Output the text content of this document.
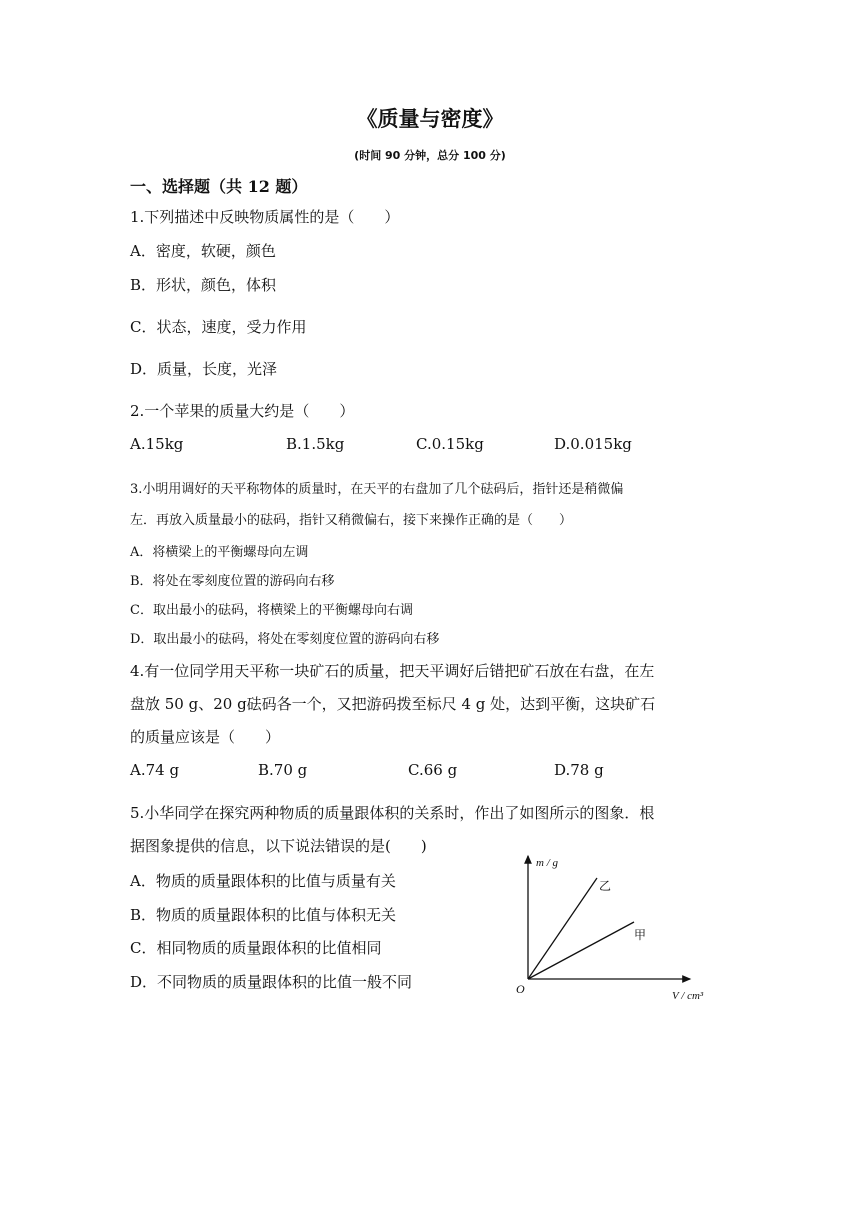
《质量与密度》
(时间 90 分钟，总分 100 分)
一、选择题（共 12 题）
1.下列描述中反映物质属性的是（　　）
A．密度，软硬，颜色
B．形状，颜色，体积
C．状态，速度，受力作用
D．质量，长度，光泽
2.一个苹果的质量大约是（　　）
A.15kg	B.1.5kg	C.0.15kg	D.0.015kg
3.小明用调好的天平称物体的质量时，在天平的右盘加了几个砝码后，指针还是稍微偏
左．再放入质量最小的砝码，指针又稍微偏右，接下来操作正确的是（　　）
A．将横梁上的平衡螺母向左调
B．将处在零刻度位置的游码向右移
C．取出最小的砝码，将横梁上的平衡螺母向右调
D．取出最小的砝码，将处在零刻度位置的游码向右移
4.有一位同学用天平称一块矿石的质量，把天平调好后错把矿石放在右盘，在左
盘放 50 g、20 g砝码各一个，又把游码拨至标尺 4 g 处，达到平衡，这块矿石
的质量应该是（　　）
A.74 g	B.70 g	C.66 g	D.78 g
5.小华同学在探究两种物质的质量跟体积的关系时，作出了如图所示的图象．根
据图象提供的信息，以下说法错误的是(　　)
A．物质的质量跟体积的比值与质量有关
B．物质的质量跟体积的比值与体积无关
C．相同物质的质量跟体积的比值相同
D．不同物质的质量跟体积的比值一般不同
m / g
V / cm³
O
乙
甲
